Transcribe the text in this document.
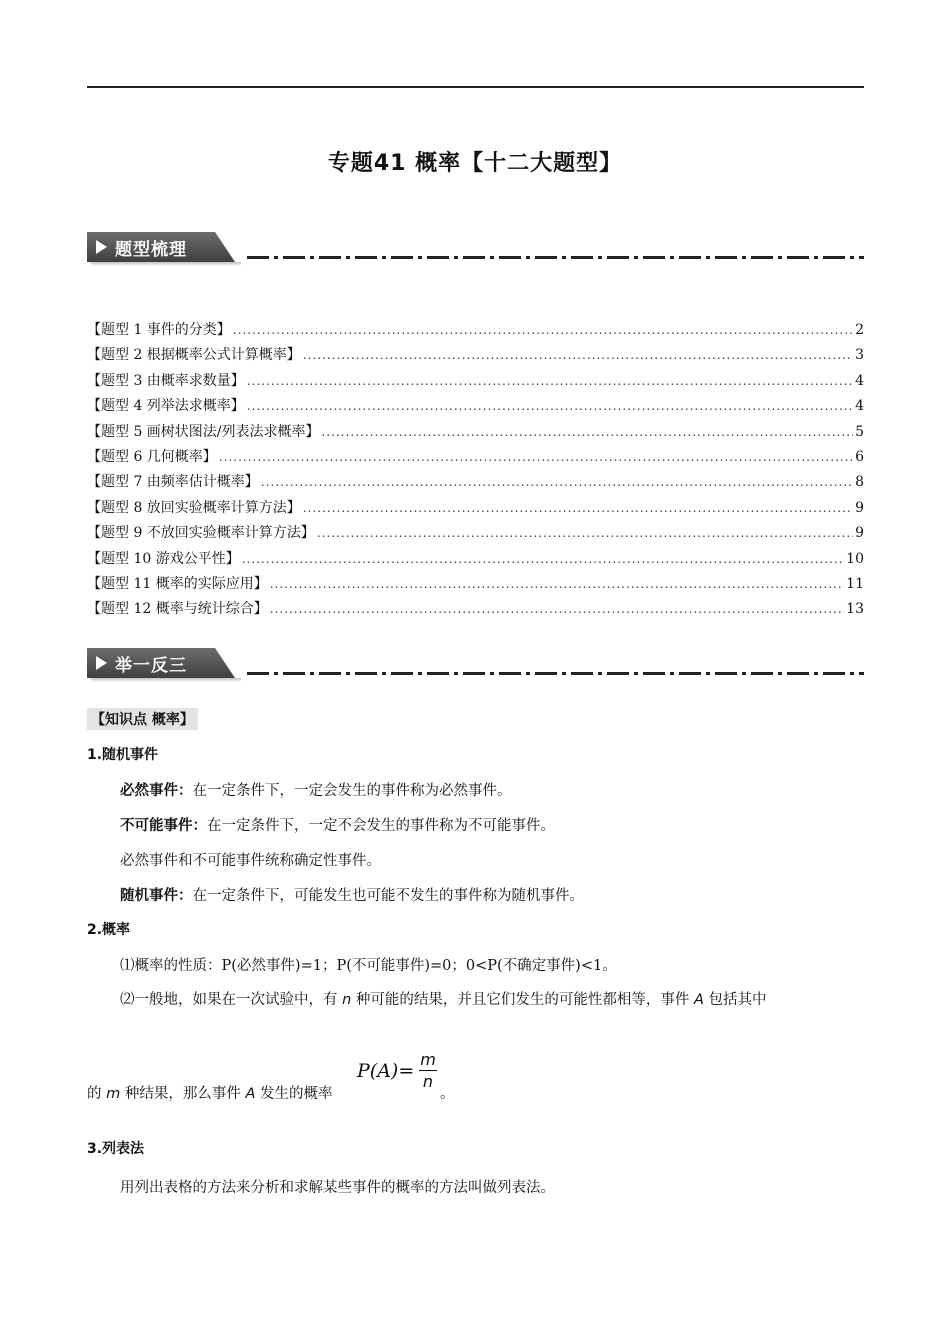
专题41 概率【十二大题型】
题型梳理
【题型 1 事件的分类】 .....	2
【题型 2 根据概率公式计算概率】 .....	3
【题型 3 由概率求数量】 .....	4
【题型 4 列举法求概率】 .....	4
【题型 5 画树状图法/列表法求概率】 .....	5
【题型 6 几何概率】 .....	6
【题型 7 由频率估计概率】 .....	8
【题型 8 放回实验概率计算方法】 .....	9
【题型 9 不放回实验概率计算方法】 .....	9
【题型 10 游戏公平性】 .....	10
【题型 11 概率的实际应用】 .....	11
【题型 12 概率与统计综合】 .....	13
举一反三
【知识点 概率】
1.随机事件
必然事件：在一定条件下，一定会发生的事件称为必然事件。
不可能事件：在一定条件下，一定不会发生的事件称为不可能事件。
必然事件和不可能事件统称确定性事件。
随机事件：在一定条件下，可能发生也可能不发生的事件称为随机事件。
2.概率
⑴概率的性质：P(必然事件)=1；P(不可能事件)=0；0<P(不确定事件)<1。
⑵一般地，如果在一次试验中，有 n 种可能的结果，并且它们发生的可能性都相等，事件 A 包括其中
的 m 种结果，那么事件 A 发生的概率
P(A)=
m
n
。
3.列表法
用列出表格的方法来分析和求解某些事件的概率的方法叫做列表法。
